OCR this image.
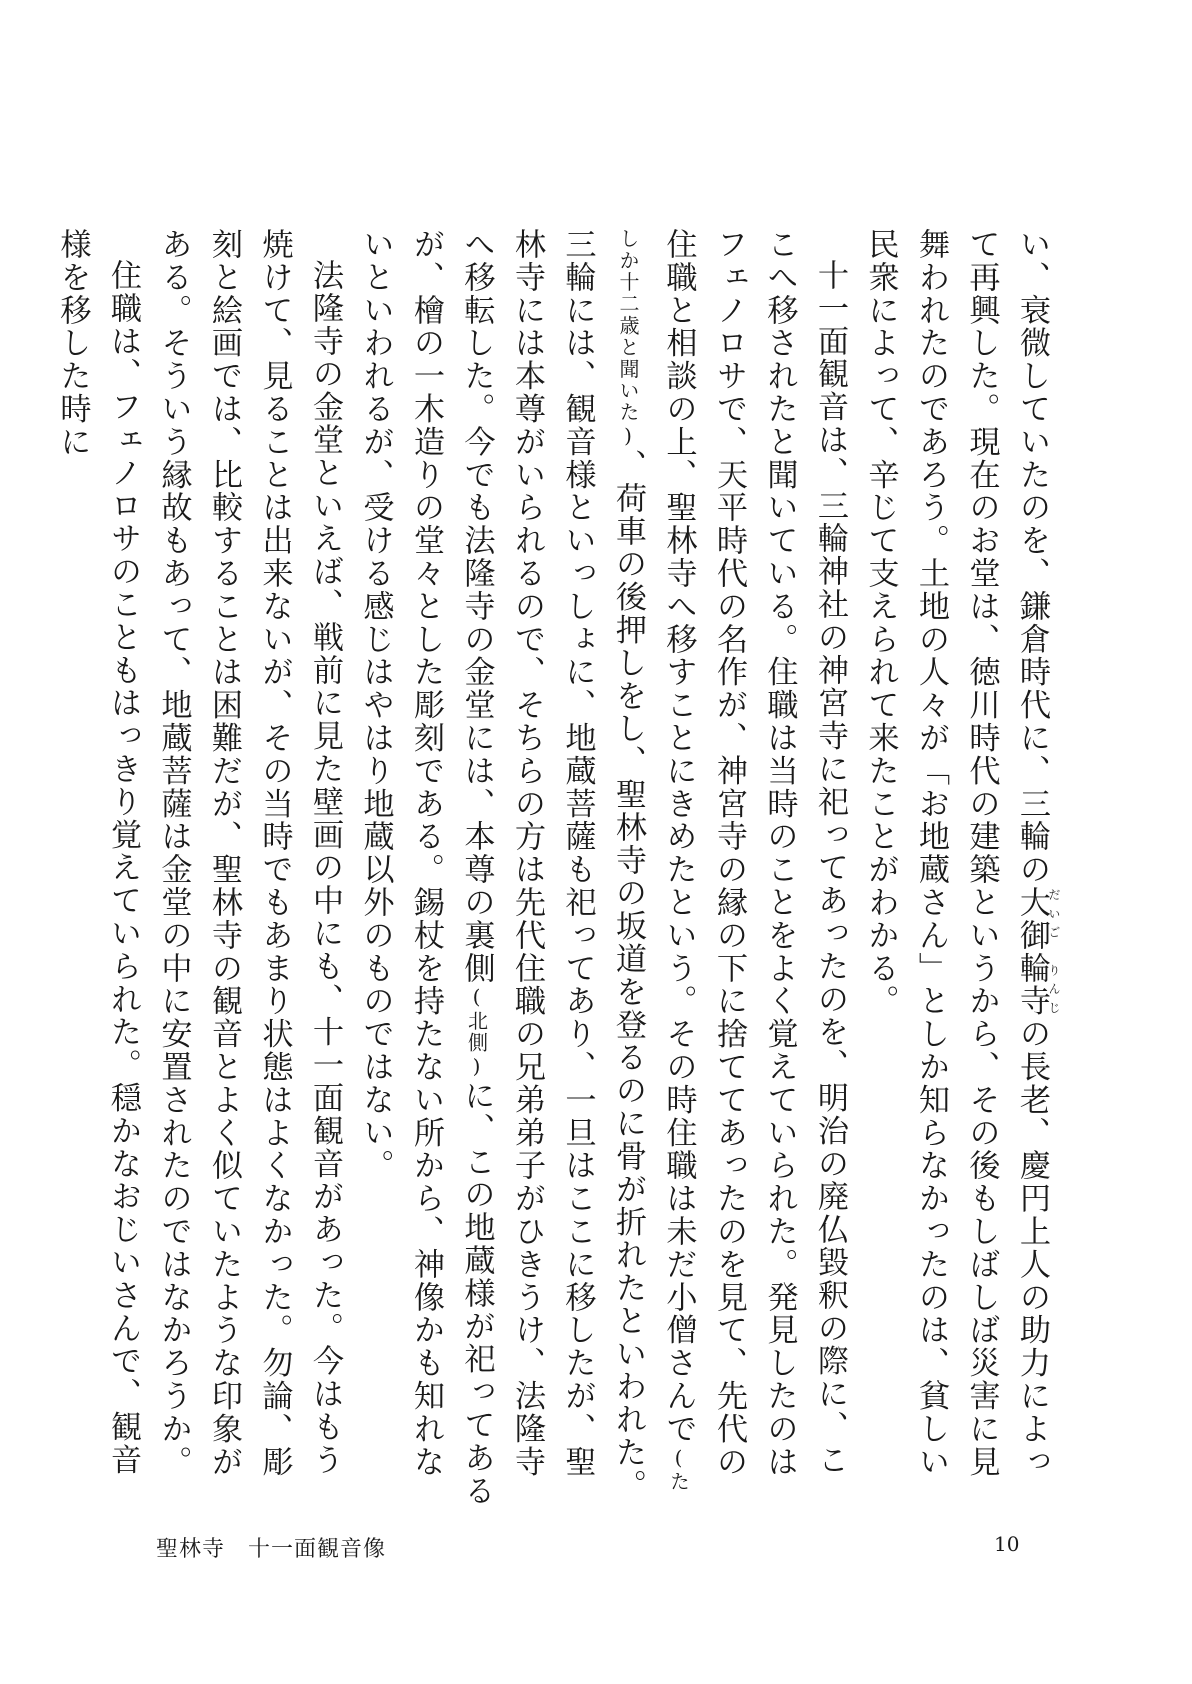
い、衰微していたのを、鎌倉時代に、三輪の大御輪寺だいご　りんじの長老、慶円上人の助力によって再興した。現在のお堂は、徳川時代の建築というから、その後もしばしば災害に見舞われたのであろう。土地の人々が「お地蔵さん」としか知らなかったのは、貧しい民衆によって、辛じて支えられて来たことがわかる。

十一面観音は、三輪神社の神宮寺に祀ってあったのを、明治の廃仏毀釈の際に、ここへ移されたと聞いている。住職は当時のことをよく覚えていられた。発見したのはフェノロサで、天平時代の名作が、神宮寺の縁の下に捨ててあったのを見て、先代の住職と相談の上、聖林寺へ移すことにきめたという。その時住職は未だ小僧さんで(たしか十二歳と聞いた)、荷車の後押しをし、聖林寺の坂道を登るのに骨が折れたといわれた。三輪には、観音様といっしょに、地蔵菩薩も祀ってあり、一旦はここに移したが、聖林寺には本尊がいられるので、そちらの方は先代住職の兄弟弟子がひきうけ、法隆寺へ移転した。今でも法隆寺の金堂には、本尊の裏側(北側)に、この地蔵様が祀ってあるが、檜の一木造りの堂々とした彫刻である。錫杖を持たない所から、神像かも知れないといわれるが、受ける感じはやはり地蔵以外のものではない。

法隆寺の金堂といえば、戦前に見た壁画の中にも、十一面観音があった。今はもう焼けて、見ることは出来ないが、その当時でもあまり状態はよくなかった。勿論、彫刻と絵画では、比較することは困難だが、聖林寺の観音とよく似ていたような印象がある。そういう縁故もあって、地蔵菩薩は金堂の中に安置されたのではなかろうか。

住職は、フェノロサのこともはっきり覚えていられた。穏かなおじいさんで、観音様を移した時に

聖林寺　十一面観音像	10
